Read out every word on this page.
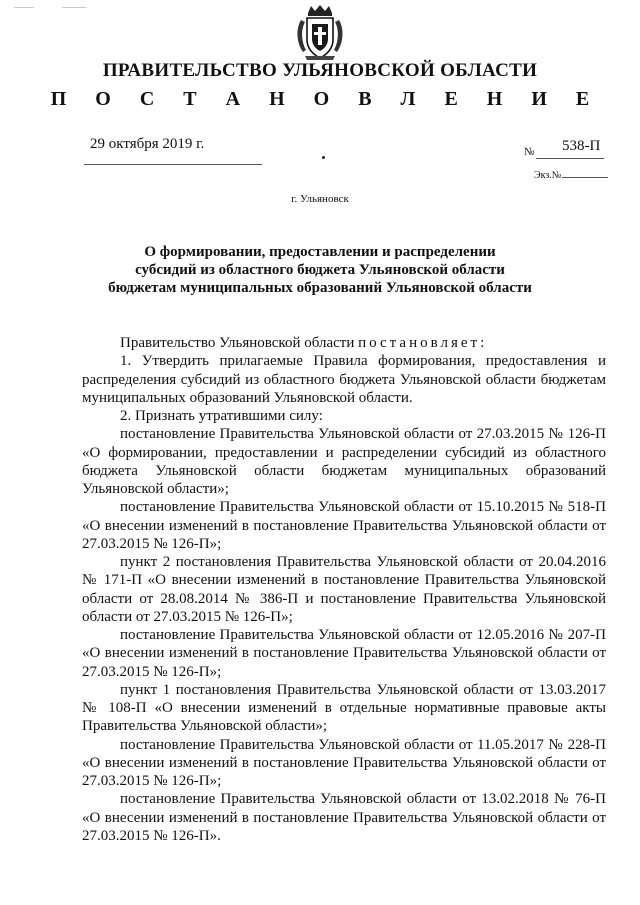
ПРАВИТЕЛЬСТВО УЛЬЯНОВСКОЙ ОБЛАСТИ
П О С Т А Н О В Л Е Н И Е
29 октября 2019 г.	№ 538-П
Экз.№
г. Ульяновск
О формировании, предоставлении и распределении
субсидий из областного бюджета Ульяновской области
бюджетам муниципальных образований Ульяновской области

Правительство Ульяновской области постановляет:

1. Утвердить прилагаемые Правила формирования, предоставления и распределения субсидий из областного бюджета Ульяновской области бюджетам муниципальных образований Ульяновской области.

2. Признать утратившими силу:

постановление Правительства Ульяновской области от 27.03.2015 № 126-П «О формировании, предоставлении и распределении субсидий из областного бюджета Ульяновской области бюджетам муниципальных образований Ульяновской области»;

постановление Правительства Ульяновской области от 15.10.2015 № 518-П «О внесении изменений в постановление Правительства Ульяновской области от 27.03.2015 № 126-П»;

пункт 2 постановления Правительства Ульяновской области от 20.04.2016 № 171-П «О внесении изменений в постановление Правительства Ульяновской области от 28.08.2014 № 386-П и постановление Правительства Ульяновской области от 27.03.2015 № 126-П»;

постановление Правительства Ульяновской области от 12.05.2016 № 207-П «О внесении изменений в постановление Правительства Ульяновской области от 27.03.2015 № 126-П»;

пункт 1 постановления Правительства Ульяновской области от 13.03.2017 № 108-П «О внесении изменений в отдельные нормативные правовые акты Правительства Ульяновской области»;

постановление Правительства Ульяновской области от 11.05.2017 № 228-П «О внесении изменений в постановление Правительства Ульяновской области от 27.03.2015 № 126-П»;

постановление Правительства Ульяновской области от 13.02.2018 № 76-П «О внесении изменений в постановление Правительства Ульяновской области от 27.03.2015 № 126-П».
